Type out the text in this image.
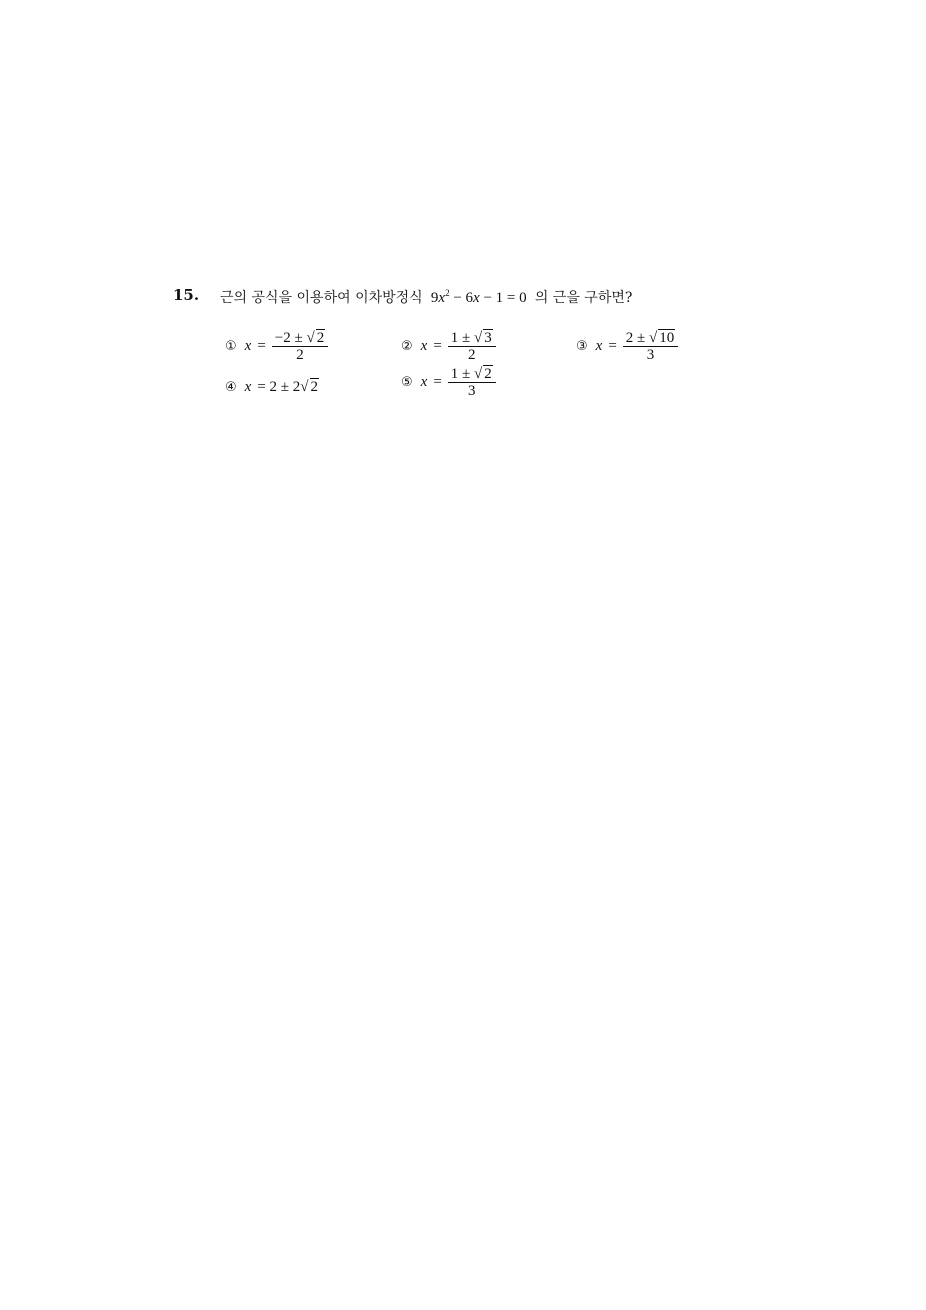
15. 근의 공식을 이용하여 이차방정식 $9x^2 - 6x - 1 = 0$ 의 근을 구하면?
① $x = \frac{-2 \pm √ 2}{2}$	② $x = \frac{1 \pm √ 3}{2}$	③ $x = \frac{2 \pm √ 10}{3}$
④ x = 2 ± 2√ 2	⑤ $x = \frac{1 \pm √ 2}{3}$
